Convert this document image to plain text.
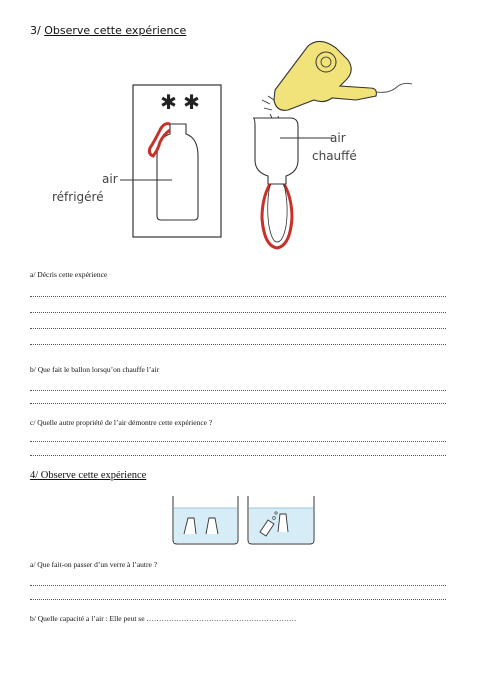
3/ Observe cette expérience
✱ ✱
air
réfrigéré
air
chauffé
a/ Décris cette expérience
b/ Que fait le ballon lorsqu’on chauffe l’air
c/ Quelle autre propriété de l’air démontre cette expérience ?
4/ Observe cette expérience
a/ Que fait-on passer d’un verre à l’autre ?
b/ Quelle capacité a l’air : Elle peut se ……………………………………………………
